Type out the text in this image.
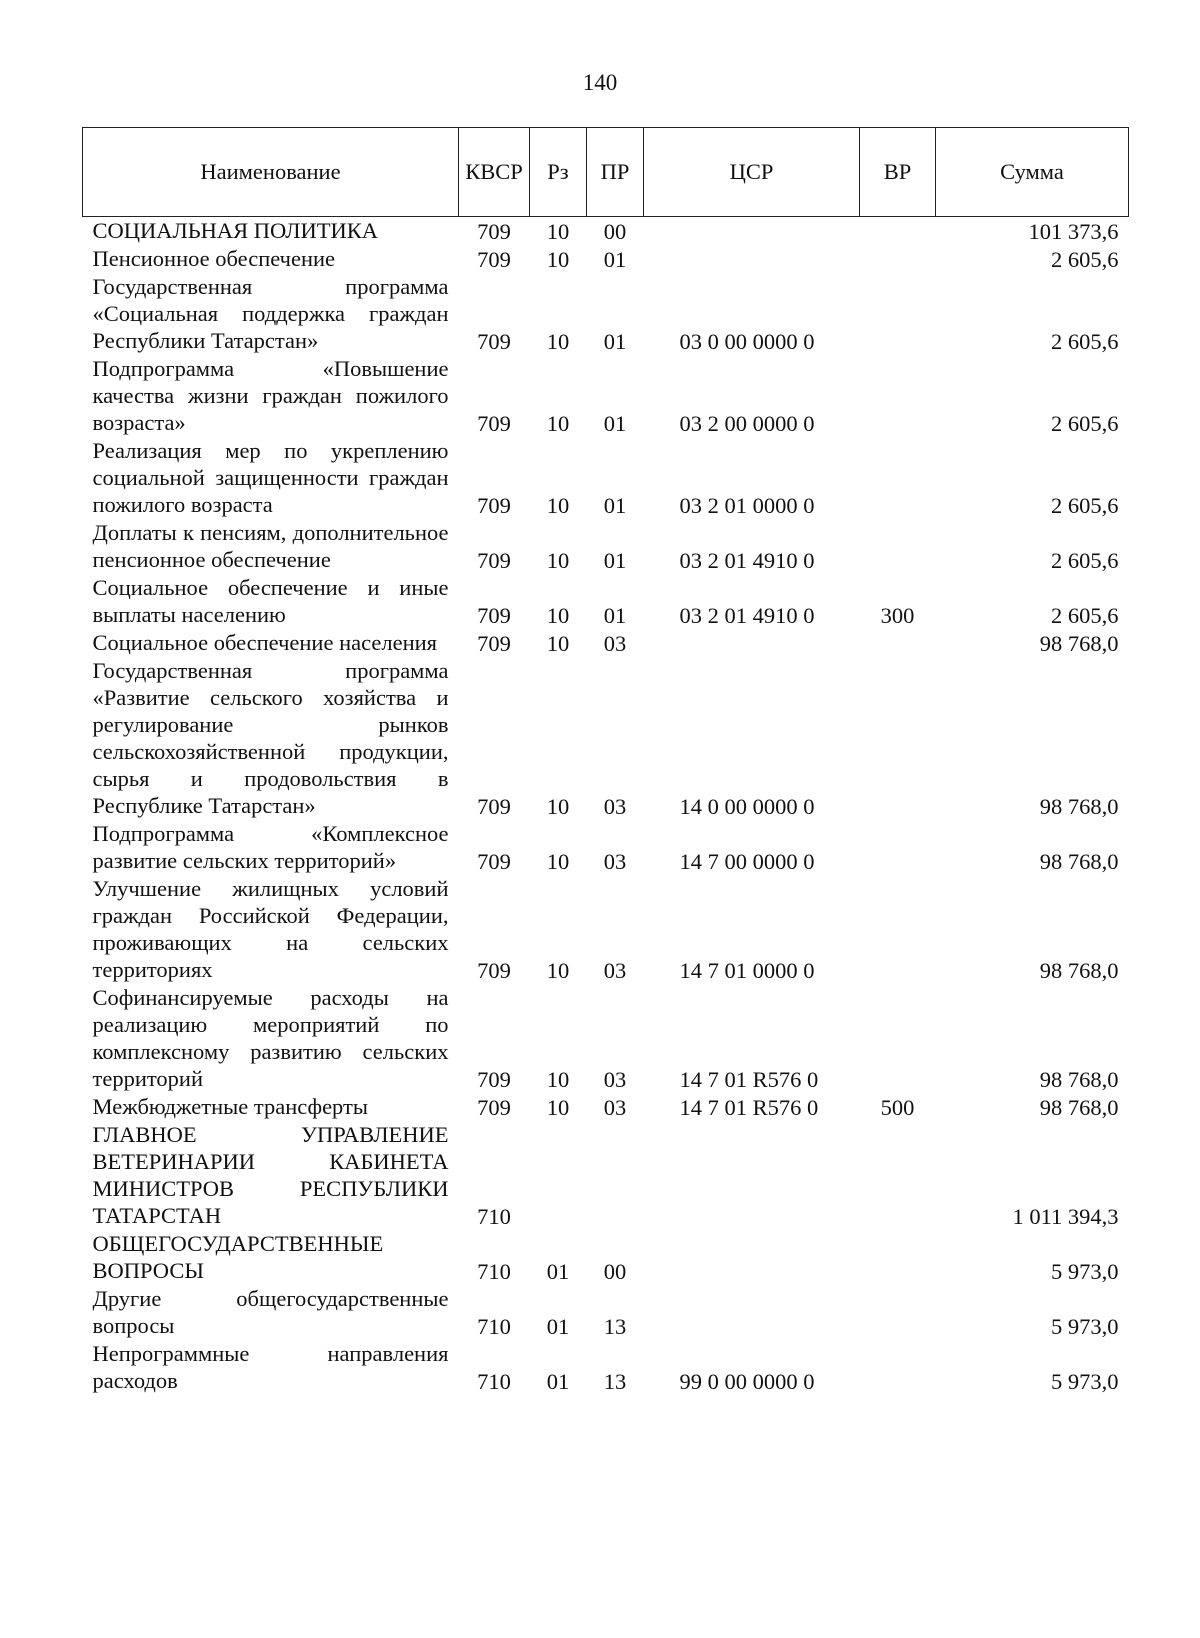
140
Наименование	КВСР	Рз	ПР	ЦСР	ВР	Сумма
СОЦИАЛЬНАЯ ПОЛИТИКА	709	10	00			101 373,6
Пенсионное обеспечение	709	10	01			2 605,6
Государственная программа «Социальная поддержка граждан Республики Татарстан»	709	10	01	03 0 00 0000 0		2 605,6
Подпрограмма «Повышение качества жизни граждан пожилого возраста»	709	10	01	03 2 00 0000 0		2 605,6
Реализация мер по укреплению социальной защищенности граждан пожилого возраста	709	10	01	03 2 01 0000 0		2 605,6
Доплаты к пенсиям, дополнительное пенсионное обеспечение	709	10	01	03 2 01 4910 0		2 605,6
Социальное обеспечение и иные выплаты населению	709	10	01	03 2 01 4910 0	300	2 605,6
Социальное обеспечение населения	709	10	03			98 768,0
Государственная программа «Развитие сельского хозяйства и регулирование рынков сельскохозяйственной продукции, сырья и продовольствия в Республике Татарстан»	709	10	03	14 0 00 0000 0		98 768,0
Подпрограмма «Комплексное развитие сельских территорий»	709	10	03	14 7 00 0000 0		98 768,0
Улучшение жилищных условий граждан Российской Федерации, проживающих на сельских территориях	709	10	03	14 7 01 0000 0		98 768,0
Софинансируемые расходы на реализацию мероприятий по комплексному развитию сельских территорий	709	10	03	14 7 01 R576 0		98 768,0
Межбюджетные трансферты	709	10	03	14 7 01 R576 0	500	98 768,0
ГЛАВНОЕ УПРАВЛЕНИЕ ВЕТЕРИНАРИИ КАБИНЕТА МИНИСТРОВ РЕСПУБЛИКИ ТАТАРСТАН	710					1 011 394,3
ОБЩЕГОСУДАРСТВЕННЫЕ ВОПРОСЫ	710	01	00			5 973,0
Другие общегосударственные вопросы	710	01	13			5 973,0
Непрограммные направления расходов	710	01	13	99 0 00 0000 0		5 973,0
